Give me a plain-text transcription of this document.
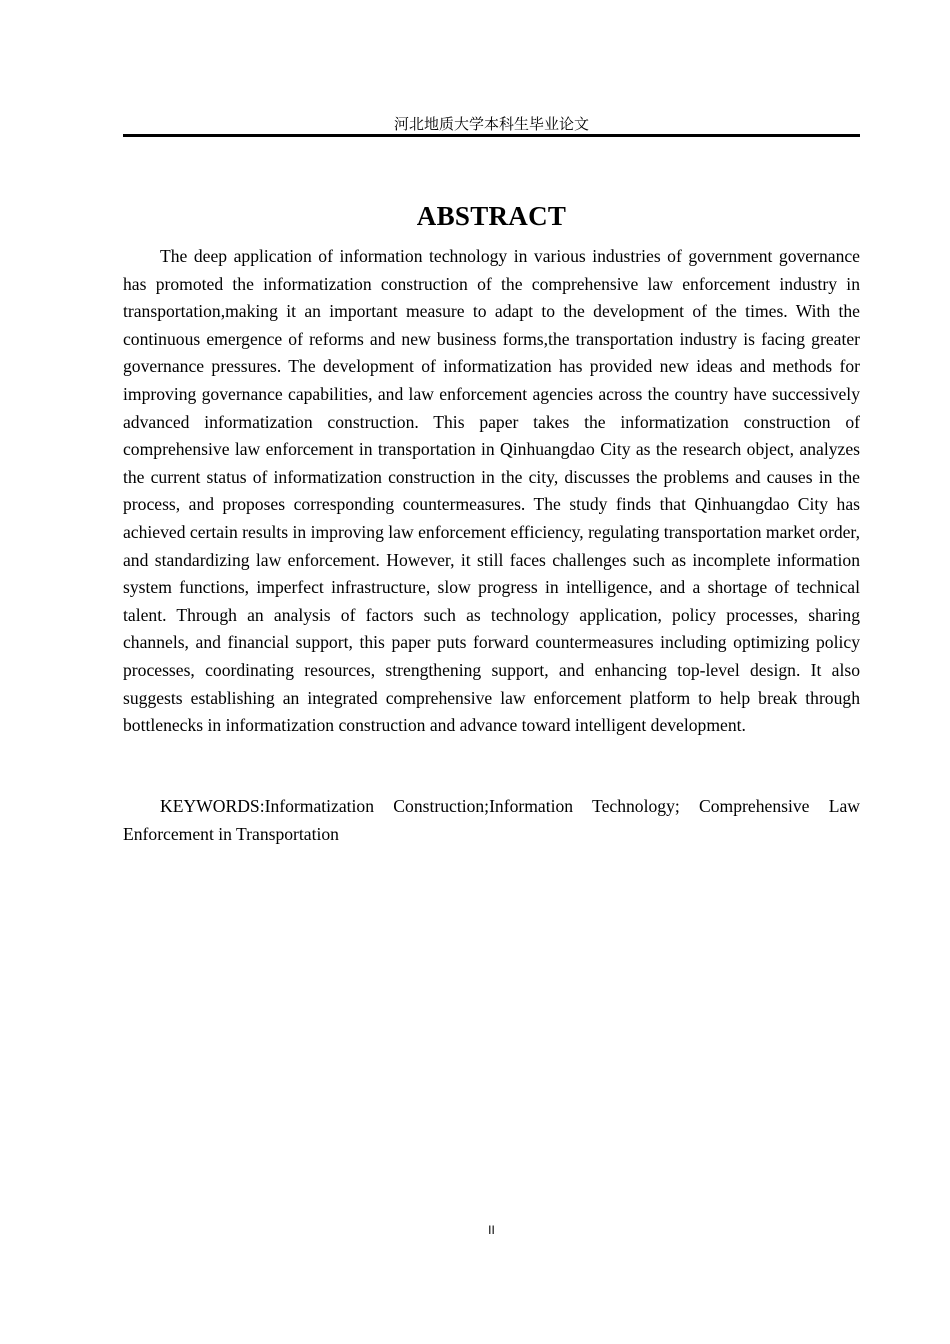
河北地质大学本科生毕业论文
ABSTRACT

The deep application of information technology in various industries of government governance has promoted the informatization construction of the comprehensive law enforcement industry in transportation,making it an important measure to adapt to the development of the times. With the continuous emergence of reforms and new business forms,the transportation industry is facing greater governance pressures. The development of informatization has provided new ideas and methods for improving governance capabilities, and law enforcement agencies across the country have successively advanced informatization construction. This paper takes the informatization construction of comprehensive law enforcement in transportation in Qinhuangdao City as the research object, analyzes the current status of informatization construction in the city, discusses the problems and causes in the process, and proposes corresponding countermeasures. The study finds that Qinhuangdao City has achieved certain results in improving law enforcement efficiency, regulating transportation market order, and standardizing law enforcement. However, it still faces challenges such as incomplete information system functions, imperfect infrastructure, slow progress in intelligence, and a shortage of technical talent. Through an analysis of factors such as technology application, policy processes, sharing channels, and financial support, this paper puts forward countermeasures including optimizing policy processes, coordinating resources, strengthening support, and enhancing top-level design. It also suggests establishing an integrated comprehensive law enforcement platform to help break through bottlenecks in informatization construction and advance toward intelligent development.

KEYWORDS:Informatization Construction;Information Technology; Comprehensive Law Enforcement in Transportation

II
